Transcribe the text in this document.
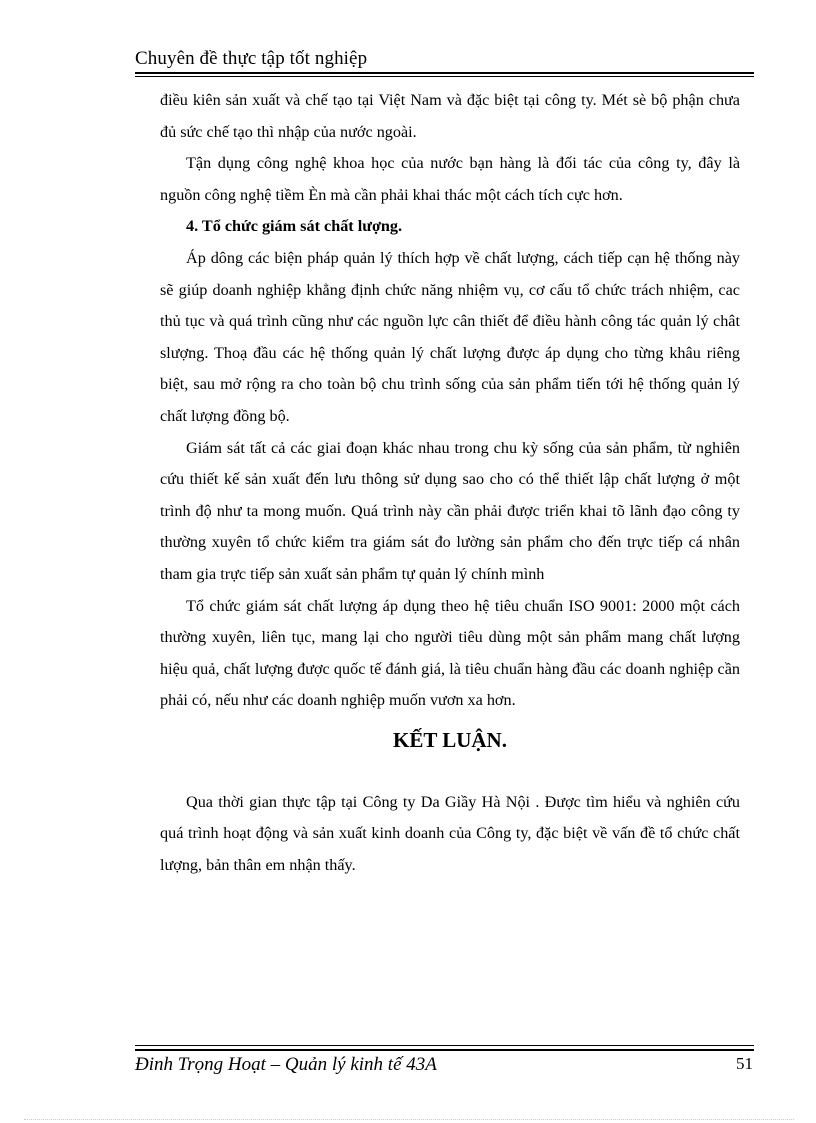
Chuyên đề thực tập tốt nghiệp

điều kiên sản xuất và chế tạo tại Việt Nam và đặc biệt tại công ty. Mét sè bộ phận chưa đủ sức chế tạo thì nhập của nước ngoài.

Tận dụng công nghệ khoa học của nước bạn hàng là đối tác của công ty, đây là nguồn công nghệ tiềm Èn mà cần phải khai thác một cách tích cực hơn.

4. Tổ chức giám sát chất lượng.

Áp dông các biện pháp quản lý thích hợp về chất lượng, cách tiếp cạn hệ thống này sẽ giúp doanh nghiệp khẳng định chức năng nhiệm vụ, cơ cấu tổ chức trách nhiệm, cac thủ tục và quá trình cũng như các nguồn lực cân thiết để điều hành công tác quản lý chât slượng. Thoạ đầu các hệ thống quản lý chất lượng được áp dụng cho từng khâu riêng biệt, sau mở rộng ra cho toàn bộ chu trình sống của sản phẩm tiến tới hệ thống quản lý chất lượng đồng bộ.

Giám sát tất cả các giai đoạn khác nhau trong chu kỳ sống của sản phẩm, từ nghiên cứu thiết kế sản xuất đến lưu thông sử dụng sao cho có thể thiết lập chất lượng ở một trình độ như ta mong muốn. Quá trình này cần phải được triển khai tõ lãnh đạo công ty thường xuyên tổ chức kiểm tra giám sát đo lường sản phẩm cho đến trực tiếp cá nhân tham gia trực tiếp sản xuất sản phẩm tự quản lý chính mình

Tổ chức giám sát chất lượng áp dụng theo hệ tiêu chuẩn ISO 9001: 2000 một cách thường xuyên, liên tục, mang lại cho người tiêu dùng một sản phẩm mang chất lượng hiệu quả, chất lượng được quốc tế đánh giá, là tiêu chuẩn hàng đầu các doanh nghiệp cần phải có, nếu như các doanh nghiệp muốn vươn xa hơn.

KẾT LUẬN.

Qua thời gian thực tập tại Công ty Da Giầy Hà Nội . Được tìm hiểu và nghiên cứu quá trình hoạt động và sản xuất kinh doanh của Công ty, đặc biệt về vấn đề tổ chức chất lượng, bản thân em nhận thấy.

Đinh Trọng Hoạt – Quản lý kinh tế 43A	51
